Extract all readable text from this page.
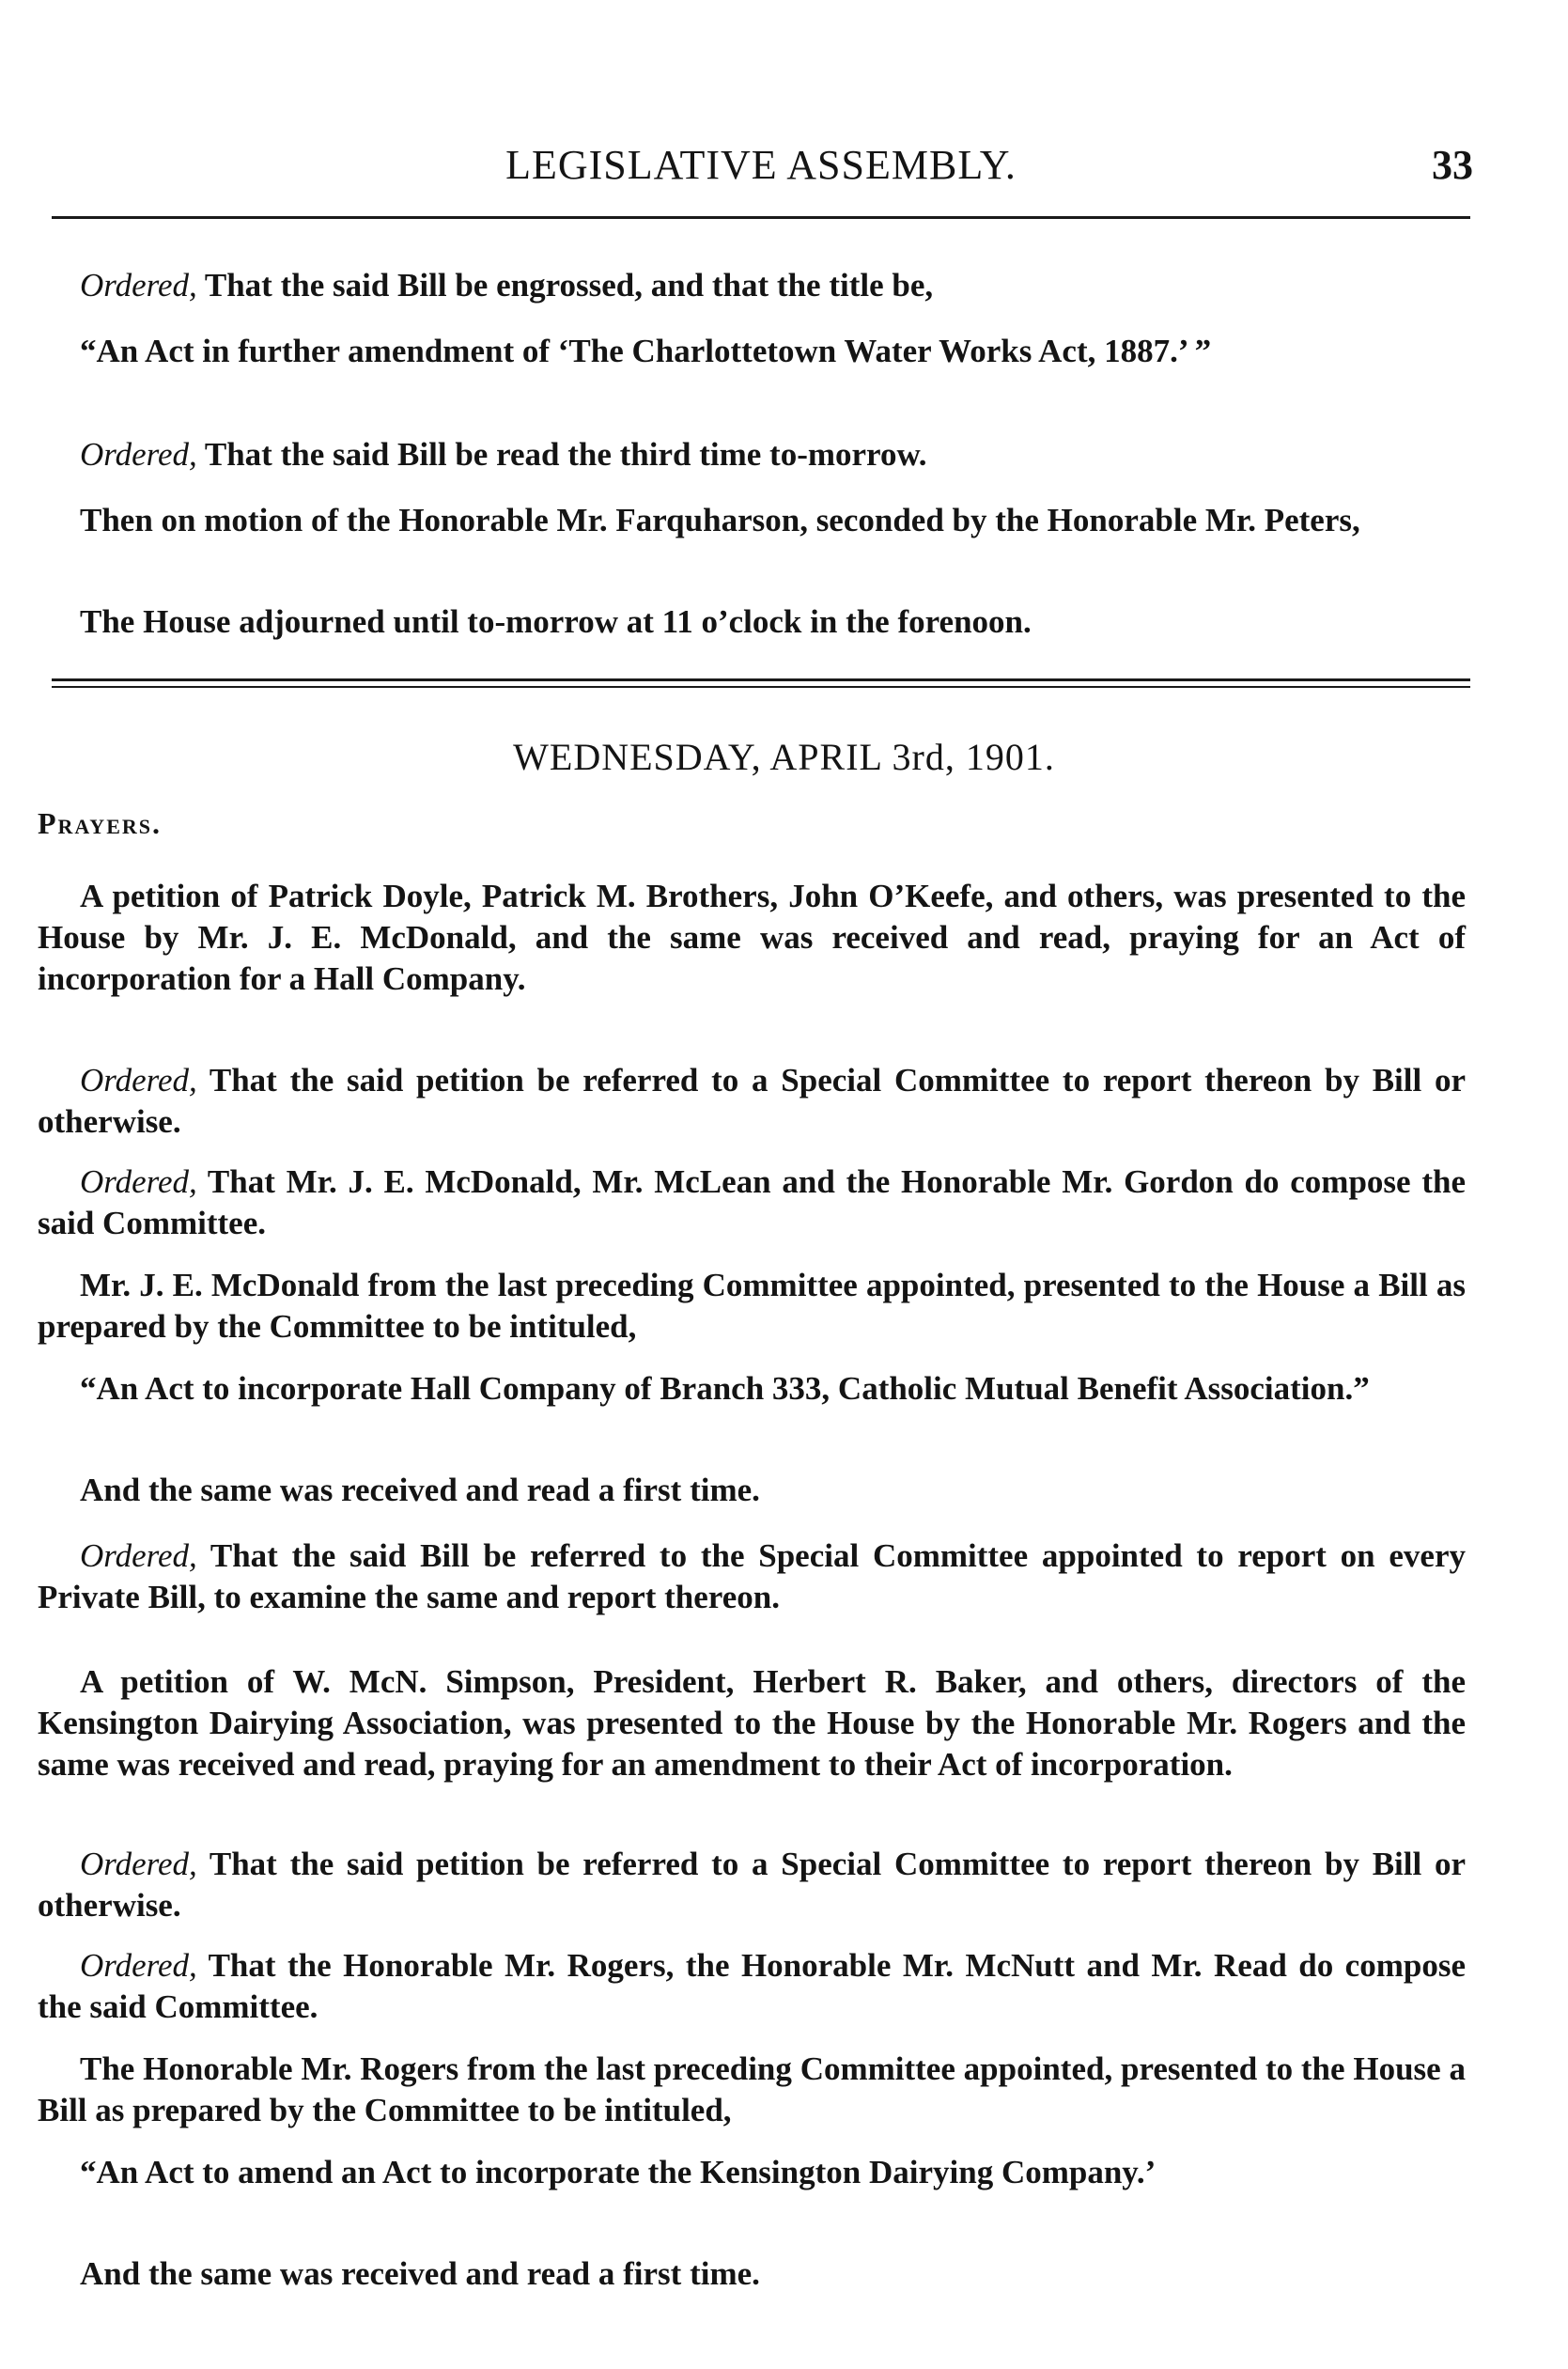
LEGISLATIVE ASSEMBLY.	33

Ordered, That the said Bill be engrossed, and that the title be,

“An Act in further amendment of ‘The Charlottetown Water Works Act, 1887.’ ”

Ordered, That the said Bill be read the third time to-morrow.

Then on motion of the Honorable Mr. Farquharson, seconded by the Honorable Mr. Peters,

The House adjourned until to-morrow at 11 o’clock in the forenoon.

WEDNESDAY, APRIL 3rd, 1901.
Prayers.

A petition of Patrick Doyle, Patrick M. Brothers, John O’Keefe, and others, was presented to the House by Mr. J. E. McDonald, and the same was received and read, praying for an Act of incorporation for a Hall Company.

Ordered, That the said petition be referred to a Special Committee to report thereon by Bill or otherwise.

Ordered, That Mr. J. E. McDonald, Mr. McLean and the Honorable Mr. Gordon do compose the said Committee.

Mr. J. E. McDonald from the last preceding Committee appointed, presented to the House a Bill as prepared by the Committee to be intituled,

“An Act to incorporate Hall Company of Branch 333, Catholic Mutual Benefit Association.”

And the same was received and read a first time.

Ordered, That the said Bill be referred to the Special Committee appointed to report on every Private Bill, to examine the same and report thereon.

A petition of W. McN. Simpson, President, Herbert R. Baker, and others, directors of the Kensington Dairying Association, was presented to the House by the Honorable Mr. Rogers and the same was received and read, praying for an amendment to their Act of incorporation.

Ordered, That the said petition be referred to a Special Committee to report thereon by Bill or otherwise.

Ordered, That the Honorable Mr. Rogers, the Honorable Mr. McNutt and Mr. Read do compose the said Committee.

The Honorable Mr. Rogers from the last preceding Committee appointed, presented to the House a Bill as prepared by the Committee to be intituled,

“An Act to amend an Act to incorporate the Kensington Dairying Company.’

And the same was received and read a first time.
